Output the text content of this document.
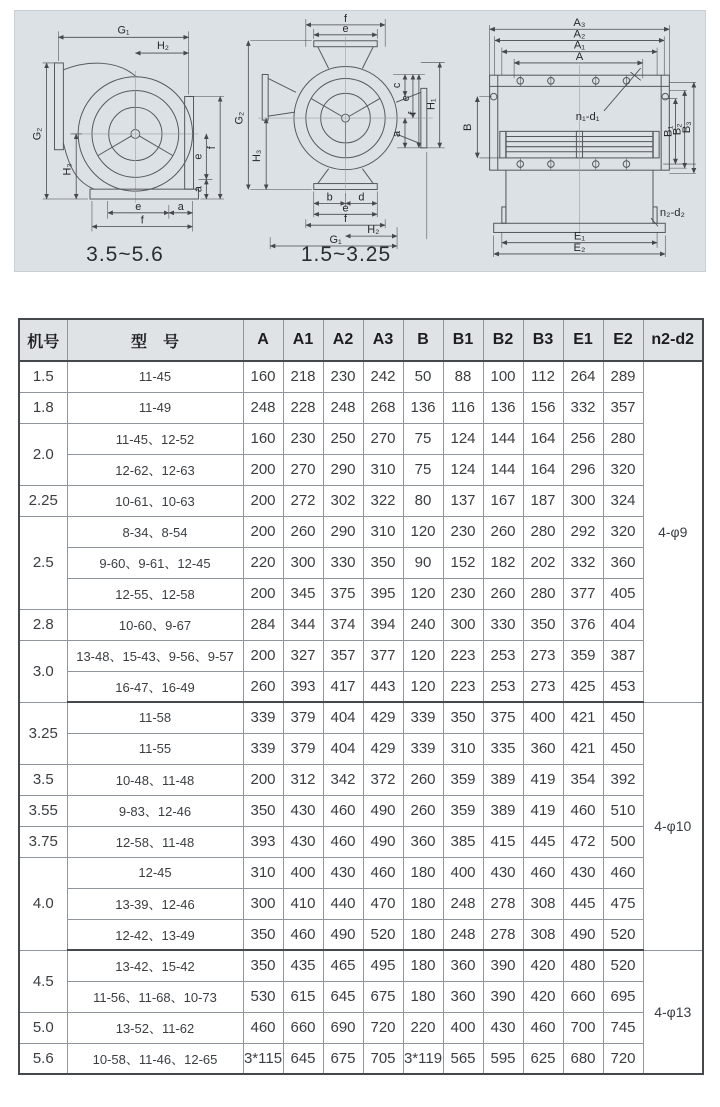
G₁
H₂
G₂
H₃
e
a
f
e	a
f
3.5~5.6
f
e
G₂
H₃
c
e
f
a
H₁
b d
e
f
H₂
G₁
1.5~3.25
A₃
A₂
A₁
A
n₁-d₁
B	B₁
B₂
B₃
n₂-d₂
E₁
E₂
机号	型　号	A	A1	A2	A3	B	B1	B2	B3	E1	E2	n2-d2
1.5	11-45	160	218	230	242	50	88	100	112	264	289	4-φ9
1.8	11-49	248	228	248	268	136	116	136	156	332	357	
2.0	11-45、12-52	160	230	250	270	75	124	144	164	256	280	
	12-62、12-63	200	270	290	310	75	124	144	164	296	320	
2.25	10-61、10-63	200	272	302	322	80	137	167	187	300	324	
2.5	8-34、8-54	200	260	290	310	120	230	260	280	292	320	
	9-60、9-61、12-45	220	300	330	350	90	152	182	202	332	360	
	12-55、12-58	200	345	375	395	120	230	260	280	377	405	
2.8	10-60、9-67	284	344	374	394	240	300	330	350	376	404	
3.0	13-48、15-43、9-56、9-57	200	327	357	377	120	223	253	273	359	387	
	16-47、16-49	260	393	417	443	120	223	253	273	425	453	
3.25	11-58	339	379	404	429	339	350	375	400	421	450	4-φ10
	11-55	339	379	404	429	339	310	335	360	421	450	
3.5	10-48、11-48	200	312	342	372	260	359	389	419	354	392	
3.55	9-83、12-46	350	430	460	490	260	359	389	419	460	510	
3.75	12-58、11-48	393	430	460	490	360	385	415	445	472	500	
4.0	12-45	310	400	430	460	180	400	430	460	430	460	
	13-39、12-46	300	410	440	470	180	248	278	308	445	475	
	12-42、13-49	350	460	490	520	180	248	278	308	490	520	
4.5	13-42、15-42	350	435	465	495	180	360	390	420	480	520	4-φ13
	11-56、11-68、10-73	530	615	645	675	180	360	390	420	660	695	
5.0	13-52、11-62	460	660	690	720	220	400	430	460	700	745	
5.6	10-58、11-46、12-65	3*115	645	675	705	3*119	565	595	625	680	720	
